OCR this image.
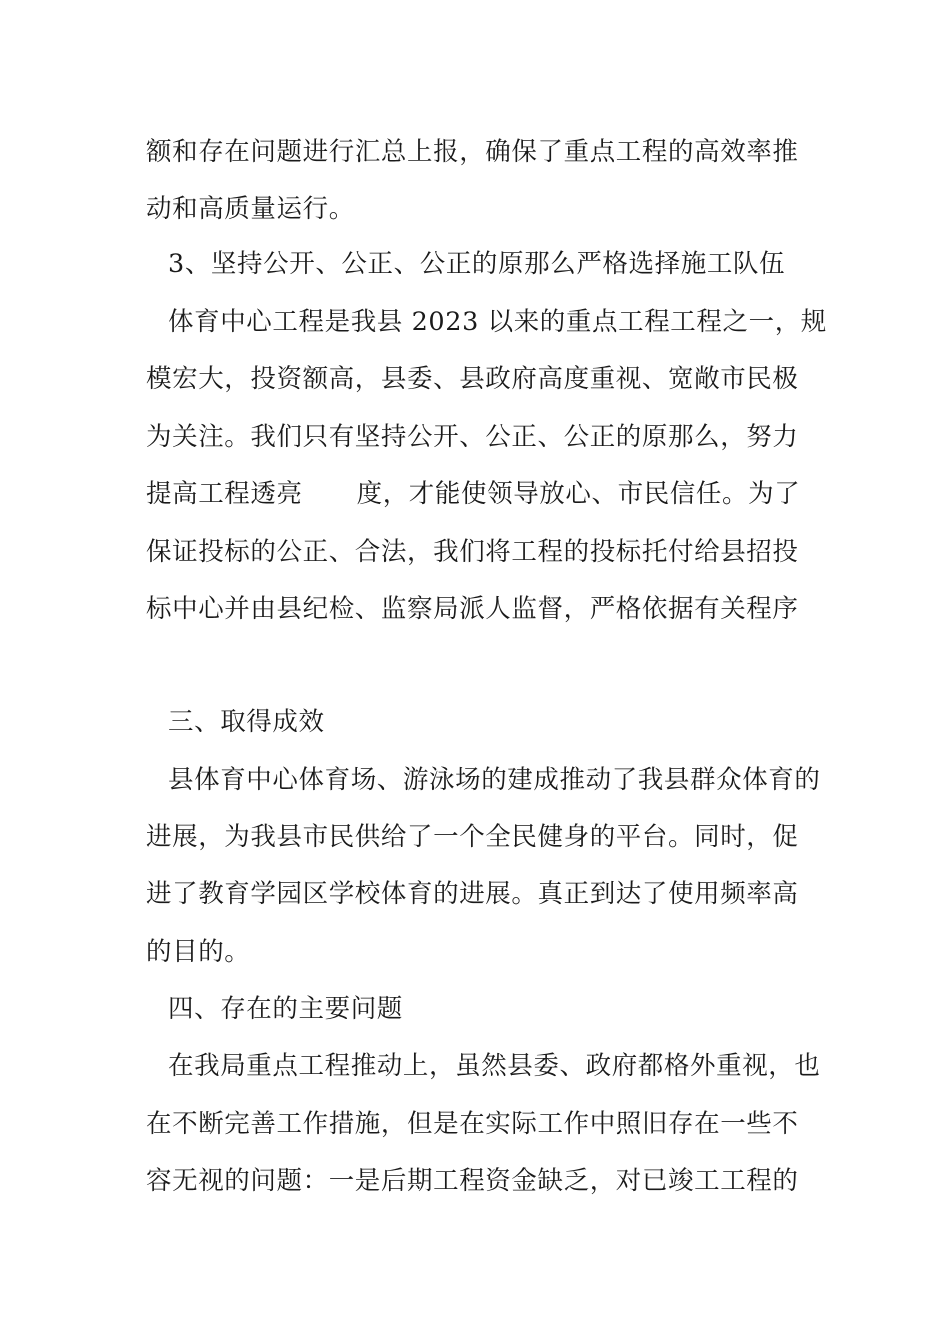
额和存在问题进行汇总上报，确保了重点工程的高效率推
动和高质量运行。
3、坚持公开、公正、公正的原那么严格选择施工队伍
体育中心工程是我县 2023 以来的重点工程工程之一，规
模宏大，投资额高，县委、县政府高度重视、宽敞市民极
为关注。我们只有坚持公开、公正、公正的原那么，努力
提高工程透亮 度，才能使领导放心、市民信任。为了
保证投标的公正、合法，我们将工程的投标托付给县招投
标中心并由县纪检、监察局派人监督，严格依据有关程序
三、取得成效
县体育中心体育场、游泳场的建成推动了我县群众体育的
进展，为我县市民供给了一个全民健身的平台。同时，促
进了教育学园区学校体育的进展。真正到达了使用频率高
的目的。
四、存在的主要问题
在我局重点工程推动上，虽然县委、政府都格外重视，也
在不断完善工作措施，但是在实际工作中照旧存在一些不
容无视的问题：一是后期工程资金缺乏，对已竣工工程的
